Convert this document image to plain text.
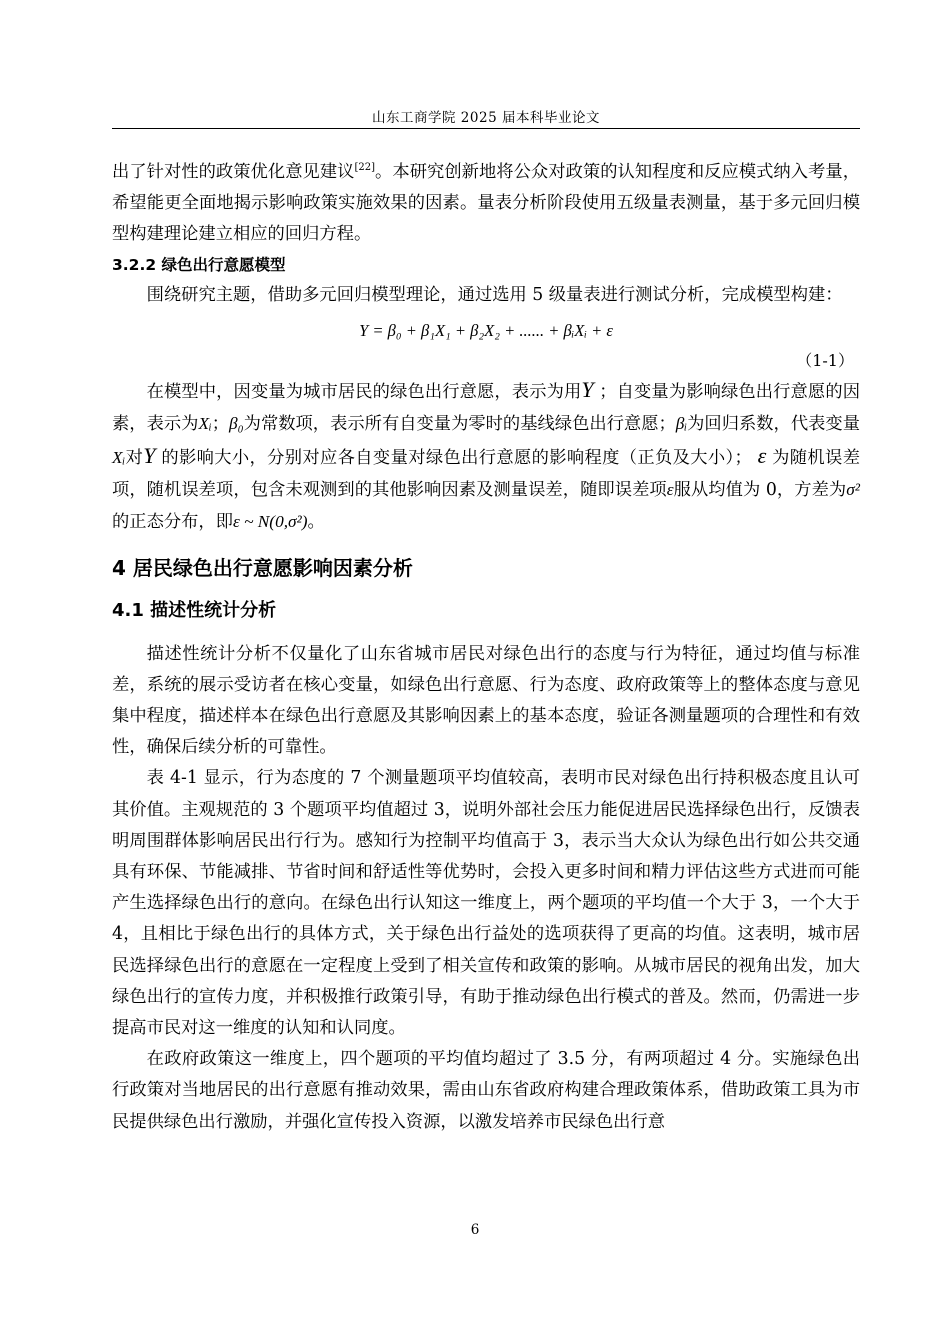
山东工商学院 2025 届本科毕业论文

出了针对性的政策优化意见建议[22]。本研究创新地将公众对政策的认知程度和反应模式纳入考量，希望能更全面地揭示影响政策实施效果的因素。量表分析阶段使用五级量表测量，基于多元回归模型构建理论建立相应的回归方程。

3.2.2 绿色出行意愿模型

围绕研究主题，借助多元回归模型理论，通过选用 5 级量表进行测试分析，完成模型构建：

Y = β₀ + β₁X₁ + β₂X₂ + ...... + βᵢXᵢ + ε
（1-1）

在模型中，因变量为城市居民的绿色出行意愿，表示为用Y ；自变量为影响绿色出行意愿的因素，表示为Xᵢ；β₀为常数项，表示所有自变量为零时的基线绿色出行意愿；βᵢ为回归系数，代表变量 Xᵢ对Y 的影响大小，分别对应各自变量对绿色出行意愿的影响程度（正负及大小）； ε 为随机误差项，随机误差项，包含未观测到的其他影响因素及测量误差，随即误差项ε服从均值为 0，方差为σ²的正态分布，即ε ~ N(0,σ²)。

4 居民绿色出行意愿影响因素分析
4.1 描述性统计分析

描述性统计分析不仅量化了山东省城市居民对绿色出行的态度与行为特征，通过均值与标准差，系统的展示受访者在核心变量，如绿色出行意愿、行为态度、政府政策等上的整体态度与意见集中程度，描述样本在绿色出行意愿及其影响因素上的基本态度，验证各测量题项的合理性和有效性，确保后续分析的可靠性。

表 4-1 显示，行为态度的 7 个测量题项平均值较高，表明市民对绿色出行持积极态度且认可其价值。主观规范的 3 个题项平均值超过 3，说明外部社会压力能促进居民选择绿色出行，反馈表明周围群体影响居民出行行为。感知行为控制平均值高于 3，表示当大众认为绿色出行如公共交通具有环保、节能减排、节省时间和舒适性等优势时，会投入更多时间和精力评估这些方式进而可能产生选择绿色出行的意向。在绿色出行认知这一维度上，两个题项的平均值一个大于 3，一个大于 4，且相比于绿色出行的具体方式，关于绿色出行益处的选项获得了更高的均值。这表明，城市居民选择绿色出行的意愿在一定程度上受到了相关宣传和政策的影响。从城市居民的视角出发，加大绿色出行的宣传力度，并积极推行政策引导，有助于推动绿色出行模式的普及。然而，仍需进一步提高市民对这一维度的认知和认同度。

在政府政策这一维度上，四个题项的平均值均超过了 3.5 分，有两项超过 4 分。实施绿色出行政策对当地居民的出行意愿有推动效果，需由山东省政府构建合理政策体系，借助政策工具为市民提供绿色出行激励，并强化宣传投入资源，以激发培养市民绿色出行意

6
